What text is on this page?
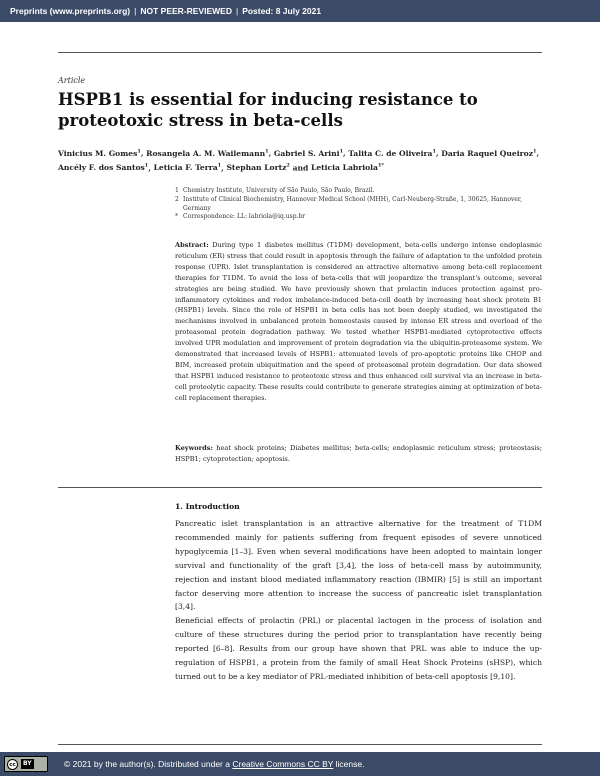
Preprints (www.preprints.org) | NOT PEER-REVIEWED | Posted: 8 July 2021
Article
HSPB1 is essential for inducing resistance to proteotoxic stress in beta-cells
Vinicius M. Gomes$^1$, Rosangela A. M. Wailemann$^1$, Gabriel S. Arini$^1$, Talita C. de Oliveira$^1$, Daria Raquel Queiroz$^1$, Ancély F. dos Santos$^1$, Leticia F. Terra$^1$, Stephan Lortz$^2$ and Leticia Labriola$^{1*}$
1 Chemistry Institute, University of São Paulo, São Paulo, Brazil.
2 Institute of Clinical Biochemistry, Hannover Medical School (MHH), Carl-Neuberg-Straße, 1, 30625, Hannover, Germany
* Correspondence: LL: labriola@iq.usp.br

Abstract: During type 1 diabetes mellitus (T1DM) development, beta-cells undergo intense endoplasmic reticulum (ER) stress that could result in apoptosis through the failure of adaptation to the unfolded protein response (UPR). Islet transplantation is considered an attractive alternative among beta-cell replacement therapies for T1DM. To avoid the loss of beta-cells that will jeopardize the transplant's outcome, several strategies are being studied. We have previously shown that prolactin induces protection against pro-inflammatory cytokines and redox imbalance-induced beta-cell death by increasing heat shock protein B1 (HSPB1) levels. Since the role of HSPB1 in beta cells has not been deeply studied, we investigated the mechanisms involved in unbalanced protein homeostasis caused by intense ER stress and overload of the proteasomal protein degradation pathway. We tested whether HSPB1-mediated cytoprotective effects involved UPR modulation and improvement of protein degradation via the ubiquitin-proteasome system. We demonstrated that increased levels of HSPB1: attenuated levels of pro-apoptotic proteins like CHOP and BIM, increased protein ubiquitination and the speed of proteasomal protein degradation. Our data showed that HSPB1 induced resistance to proteotoxic stress and thus enhanced cell survival via an increase in beta-cell proteolytic capacity. These results could contribute to generate strategies aiming at optimization of beta-cell replacement therapies.

Keywords: heat shock proteins; Diabetes mellitus; beta-cells; endoplasmic reticulum stress; proteostasis; HSPB1; cytoprotection; apoptosis.

1. Introduction

Pancreatic islet transplantation is an attractive alternative for the treatment of T1DM recommended mainly for patients suffering from frequent episodes of severe unnoticed hypoglycemia [1–3]. Even when several modifications have been adopted to maintain longer survival and functionality of the graft [3,4], the loss of beta-cell mass by autoimmunity, rejection and instant blood mediated inflammatory reaction (IBMIR) [5] is still an important factor deserving more attention to increase the success of pancreatic islet transplantation [3,4].

Beneficial effects of prolactin (PRL) or placental lactogen in the process of isolation and culture of these structures during the period prior to transplantation have recently being reported [6–8]. Results from our group have shown that PRL was able to induce the up-regulation of HSPB1, a protein from the family of small Heat Shock Proteins (sHSP), which turned out to be a key mediator of PRL-mediated inhibition of beta-cell apoptosis [9,10].

cc	BY	© 2021 by the author(s). Distributed under a Creative Commons CC BY license.
